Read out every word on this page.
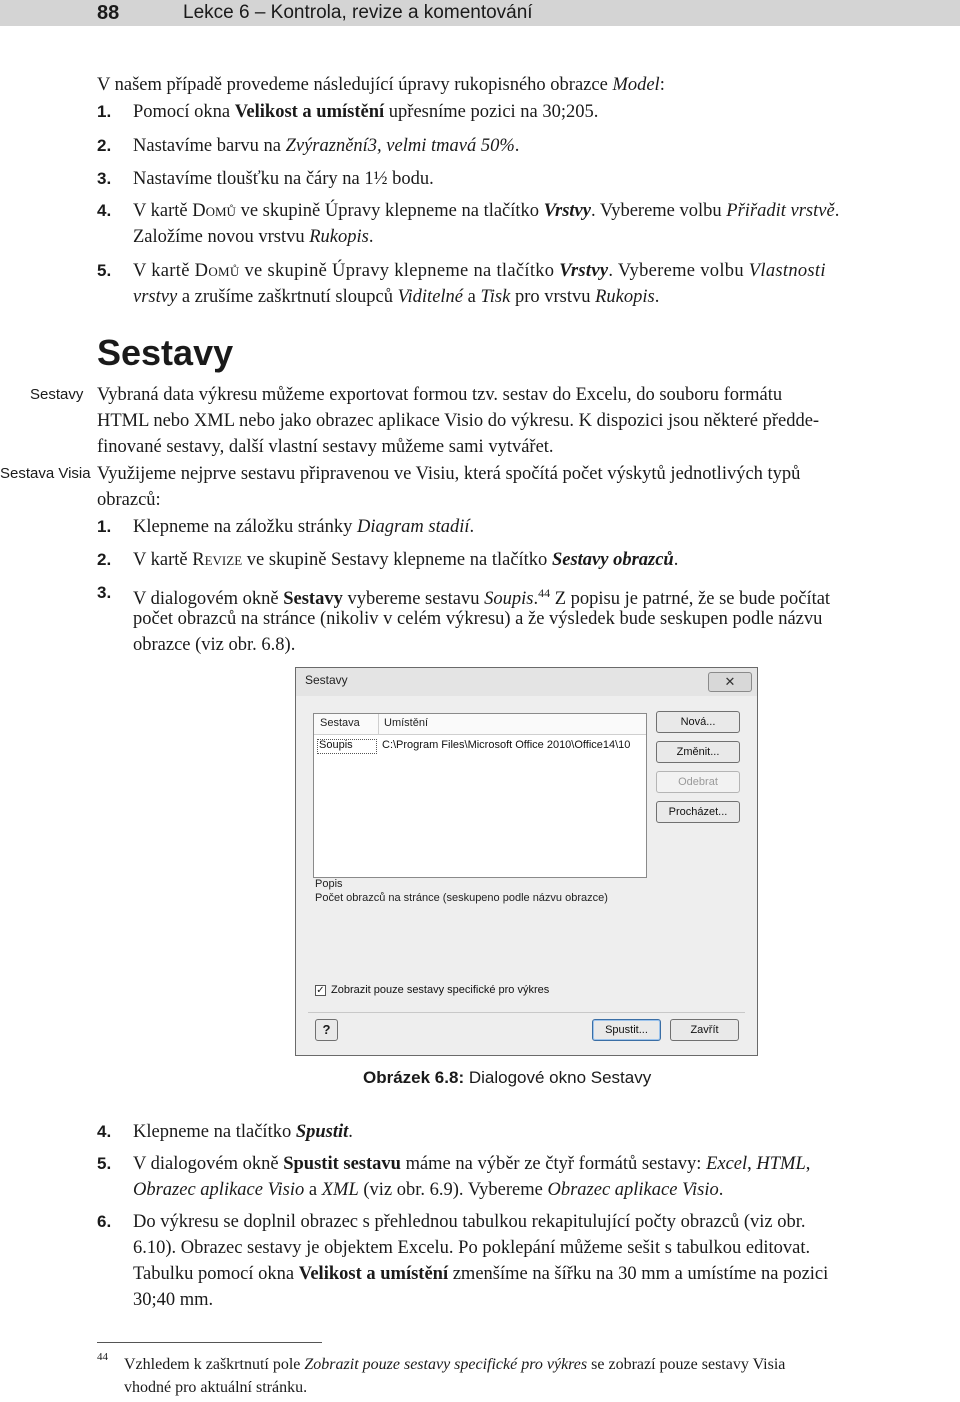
88	Lekce 6 – Kontrola, revize a komentování
V našem případě provedeme následující úpravy rukopisného obrazce Model:
1. Pomocí okna Velikost a umístění upřesníme pozici na 30;205.
2. Nastavíme barvu na Zvýraznění3, velmi tmavá 50%.
3. Nastavíme tloušťku na čáry na 1½ bodu.
4. V kartě Domů ve skupině Úpravy klepneme na tlačítko Vrstvy. Vybereme volbu Přiřadit vrstvě.
Založíme novou vrstvu Rukopis.
5. V kartě Domů ve skupině Úpravy klepneme na tlačítko Vrstvy. Vybereme volbu Vlastnosti
vrstvy a zrušíme zaškrtnutí sloupců Viditelné a Tisk pro vrstvu Rukopis.
Sestavy
Sestavy
Sestava Visia
Vybraná data výkresu můžeme exportovat formou tzv. sestav do Excelu, do souboru formátu
HTML nebo XML nebo jako obrazec aplikace Visio do výkresu. K dispozici jsou některé předde-
finované sestavy, další vlastní sestavy můžeme sami vytvářet.
Využijeme nejprve sestavu připravenou ve Visiu, která spočítá počet výskytů jednotlivých typů
obrazců:
1. Klepneme na záložku stránky Diagram stadií.
2. V kartě Revize ve skupině Sestavy klepneme na tlačítko Sestavy obrazců.
3. V dialogovém okně Sestavy vybereme sestavu Soupis.$^{44}$ Z popisu je patrné, že se bude počítat
počet obrazců na stránce (nikoliv v celém výkresu) a že výsledek bude seskupen podle názvu
obrazce (viz obr. 6.8).
Sestavy	✕
Sestava Umístění
Soupis	C:\Program Files\Microsoft Office 2010\Office14\10
Nová...
Změnit...
Odebrat
Procházet...
Popis
Počet obrazců na stránce (seskupeno podle názvu obrazce)
✓ Zobrazit pouze sestavy specifické pro výkres
?	Spustit...	Zavřít
Obrázek 6.8: Dialogové okno Sestavy
4. Klepneme na tlačítko Spustit.
5. V dialogovém okně Spustit sestavu máme na výběr ze čtyř formátů sestavy: Excel, HTML,
Obrazec aplikace Visio a XML (viz obr. 6.9). Vybereme Obrazec aplikace Visio.
6. Do výkresu se doplnil obrazec s přehlednou tabulkou rekapitulující počty obrazců (viz obr.
6.10). Obrazec sestavy je objektem Excelu. Po poklepání můžeme sešit s tabulkou editovat.
Tabulku pomocí okna Velikost a umístění zmenšíme na šířku na 30 mm a umístíme na pozici
30;40 mm.
44 Vzhledem k zaškrtnutí pole Zobrazit pouze sestavy specifické pro výkres se zobrazí pouze sestavy Visia
vhodné pro aktuální stránku.
